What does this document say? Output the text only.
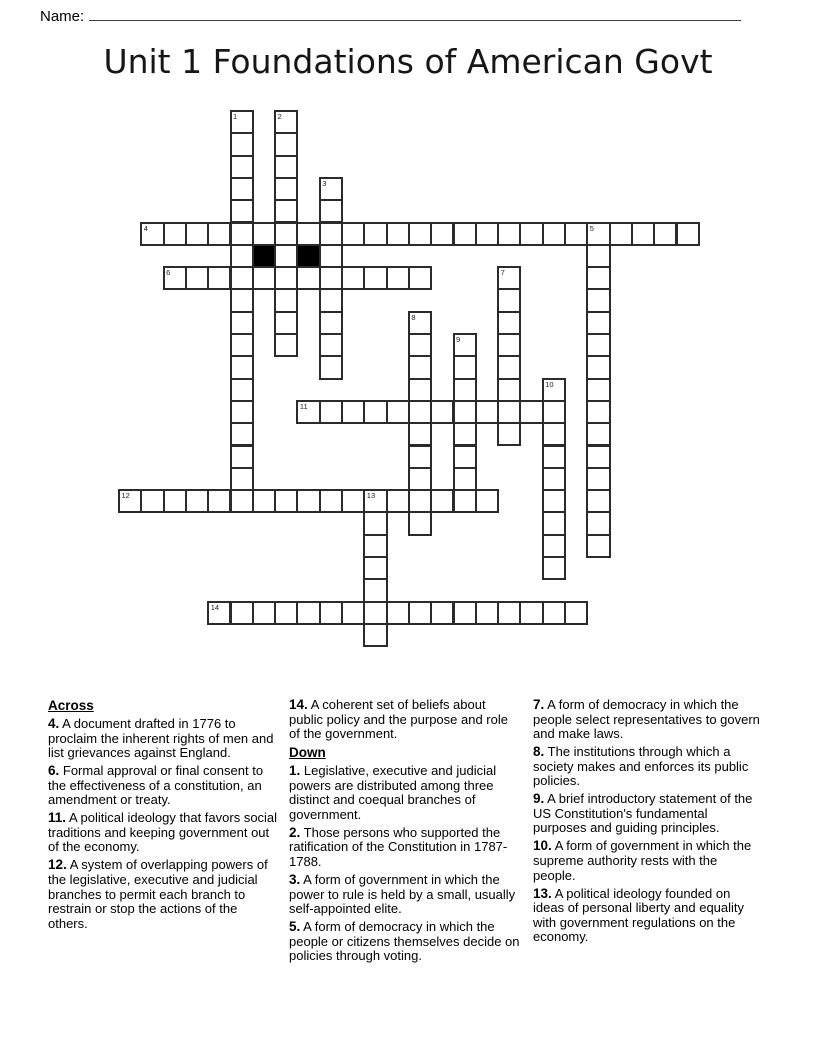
Name:
Unit 1 Foundations of American Govt
1	2
3
4	5
6	7
8
9
10
11
12	13
14
Across

4. A document drafted in 1776 to proclaim the inherent rights of men and list grievances against England.

6. Formal approval or final consent to the effectiveness of a constitution, an amendment or treaty.

11. A political ideology that favors social traditions and keeping government out of the economy.

12. A system of overlapping powers of the legislative, executive and judicial branches to permit each branch to restrain or stop the actions of the others.

14. A coherent set of beliefs about public policy and the purpose and role of the government.

Down

1. Legislative, executive and judicial powers are distributed among three distinct and coequal branches of government.

2. Those persons who supported the ratification of the Constitution in 1787-1788.

3. A form of government in which the power to rule is held by a small, usually self-appointed elite.

5. A form of democracy in which the people or citizens themselves decide on policies through voting.

7. A form of democracy in which the people select representatives to govern and make laws.

8. The institutions through which a society makes and enforces its public policies.

9. A brief introductory statement of the US Constitution's fundamental purposes and guiding principles.

10. A form of government in which the supreme authority rests with the people.

13. A political ideology founded on ideas of personal liberty and equality with government regulations on the economy.
